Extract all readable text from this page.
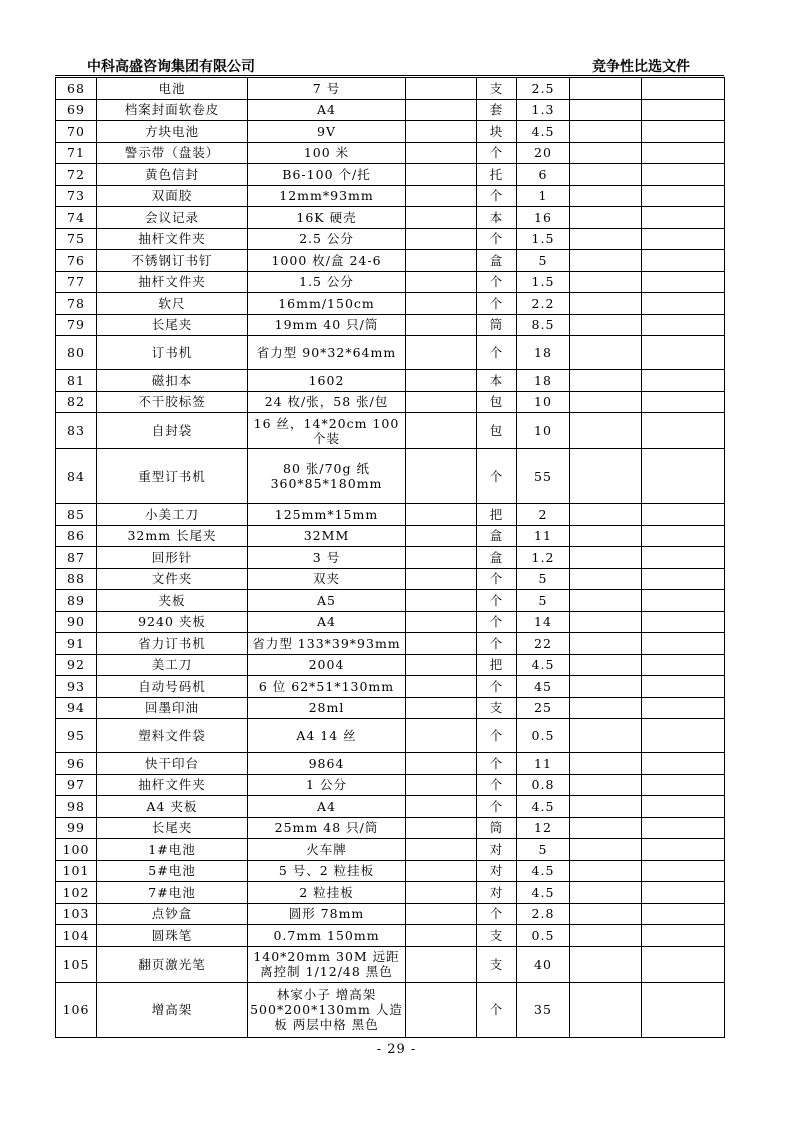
中科高盛咨询集团有限公司	竞争性比选文件
68	电池	7 号		支	2.5		
69	档案封面软卷皮	A4		套	1.3		
70	方块电池	9V		块	4.5		
71	警示带（盘装）	100 米		个	20		
72	黄色信封	B6-100 个/托		托	6		
73	双面胶	12mm*93mm		个	1		
74	会议记录	16K 硬壳		本	16		
75	抽杆文件夹	2.5 公分		个	1.5		
76	不锈钢订书钉	1000 枚/盒 24-6		盒	5		
77	抽杆文件夹	1.5 公分		个	1.5		
78	软尺	16mm/150cm		个	2.2		
79	长尾夹	19mm 40 只/筒		筒	8.5		
80	订书机	省力型 90*32*64mm		个	18		
81	磁扣本	1602		本	18		
82	不干胶标签	24 枚/张，58 张/包		包	10		
83	自封袋	16 丝，14*20cm 100 个装		包	10		
84	重型订书机	80 张/70g 纸 360*85*180mm		个	55		
85	小美工刀	125mm*15mm		把	2		
86	32mm 长尾夹	32MM		盒	11		
87	回形针	3 号		盒	1.2		
88	文件夹	双夹		个	5		
89	夹板	A5		个	5		
90	9240 夹板	A4		个	14		
91	省力订书机	省力型 133*39*93mm		个	22		
92	美工刀	2004		把	4.5		
93	自动号码机	6 位 62*51*130mm		个	45		
94	回墨印油	28ml		支	25		
95	塑料文件袋	A4 14 丝		个	0.5		
96	快干印台	9864		个	11		
97	抽杆文件夹	1 公分		个	0.8		
98	A4 夹板	A4		个	4.5		
99	长尾夹	25mm 48 只/筒		筒	12		
100	1#电池	火车牌		对	5		
101	5#电池	5 号、2 粒挂板		对	4.5		
102	7#电池	2 粒挂板		对	4.5		
103	点钞盒	圆形 78mm		个	2.8		
104	圆珠笔	0.7mm 150mm		支	0.5		
105	翻页激光笔	140*20mm 30M 远距离控制 1/12/48 黑色		支	40		
106	增高架	林家小子 增高架 500*200*130mm 人造板 两层中格 黑色		个	35		
- 29 -
